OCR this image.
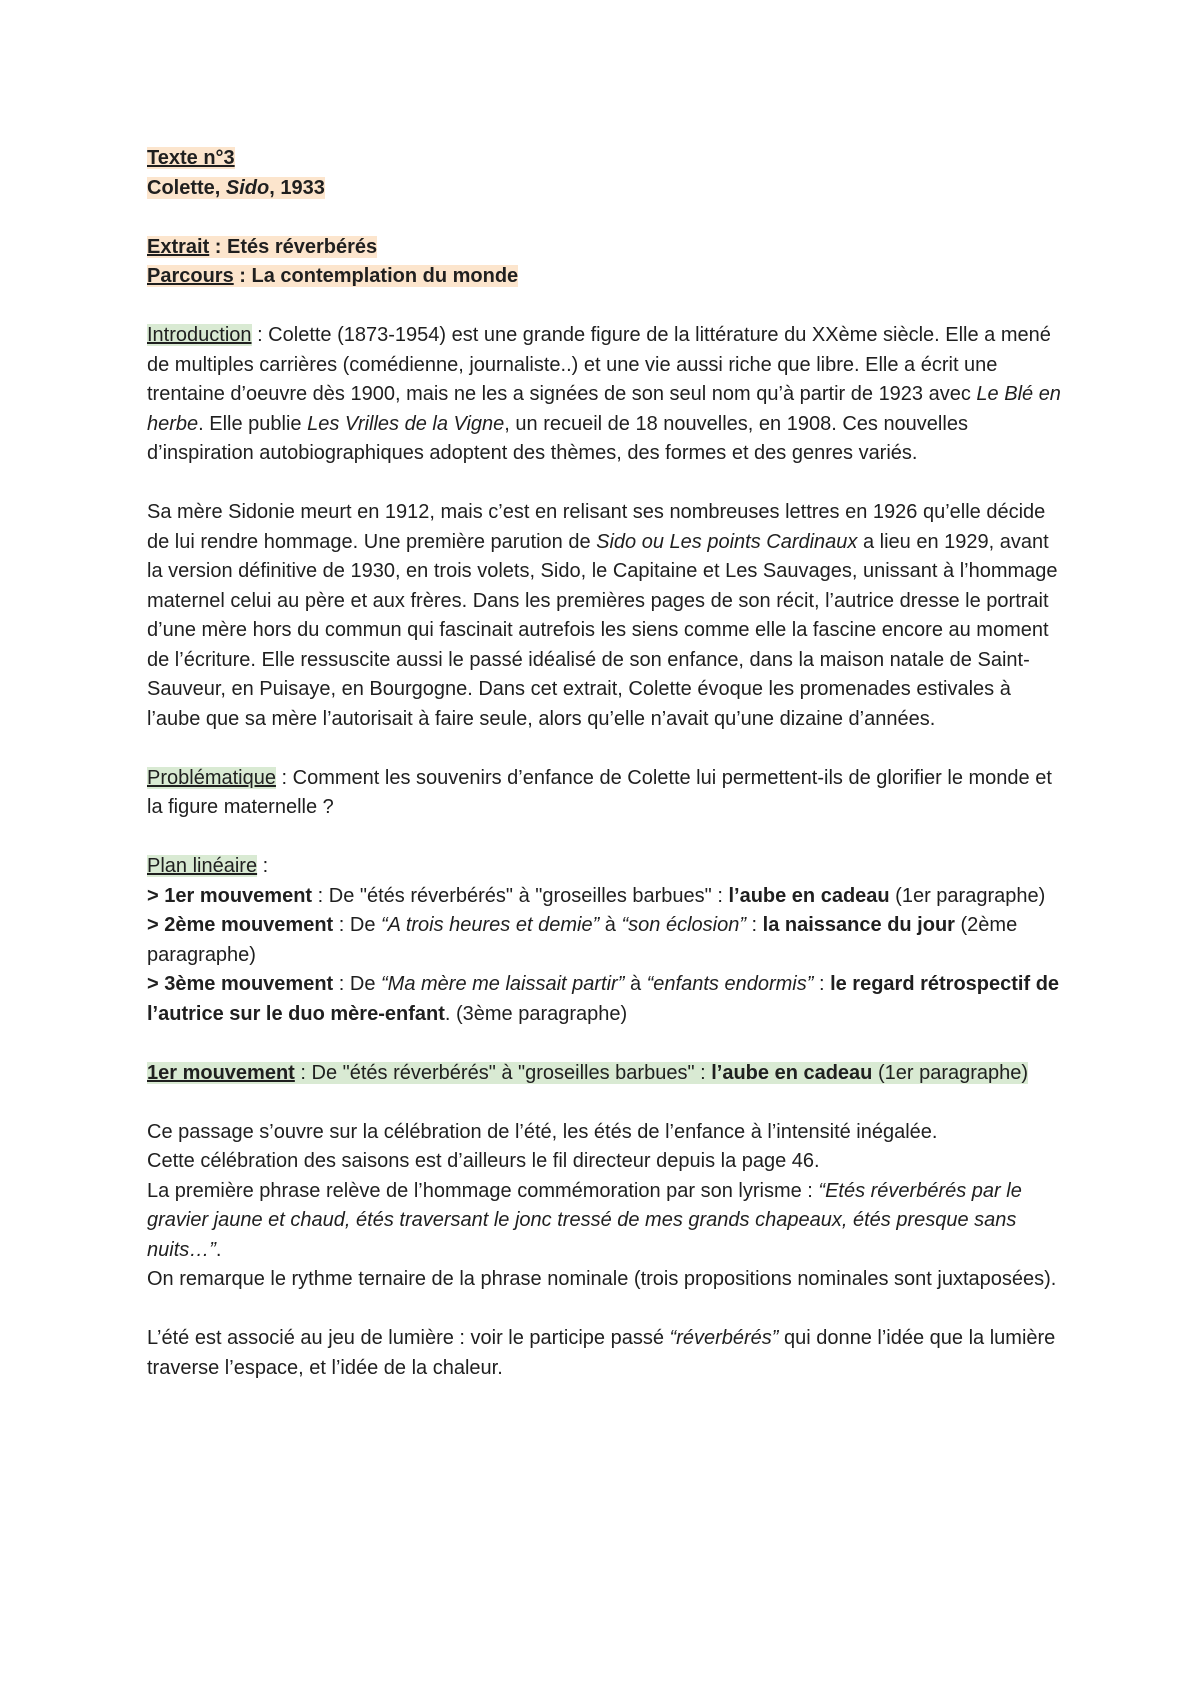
Texte n°3

Colette, Sido, 1933

Extrait : Etés réverbérés

Parcours : La contemplation du monde

Introduction : Colette (1873-1954) est une grande figure de la littérature du XXème siècle. Elle a mené de multiples carrières (comédienne, journaliste..) et une vie aussi riche que libre. Elle a écrit une trentaine d’oeuvre dès 1900, mais ne les a signées de son seul nom qu’à partir de 1923 avec Le Blé en herbe. Elle publie Les Vrilles de la Vigne, un recueil de 18 nouvelles, en 1908. Ces nouvelles d’inspiration autobiographiques adoptent des thèmes, des formes et des genres variés.

Sa mère Sidonie meurt en 1912, mais c’est en relisant ses nombreuses lettres en 1926 qu’elle décide de lui rendre hommage. Une première parution de Sido ou Les points Cardinaux a lieu en 1929, avant la version définitive de 1930, en trois volets, Sido, le Capitaine et Les Sauvages, unissant à l’hommage maternel celui au père et aux frères. Dans les premières pages de son récit, l’autrice dresse le portrait d’une mère hors du commun qui fascinait autrefois les siens comme elle la fascine encore au moment de l’écriture. Elle ressuscite aussi le passé idéalisé de son enfance, dans la maison natale de Saint-Sauveur, en Puisaye, en Bourgogne. Dans cet extrait, Colette évoque les promenades estivales à l’aube que sa mère l’autorisait à faire seule, alors qu’elle n’avait qu’une dizaine d’années.

Problématique : Comment les souvenirs d’enfance de Colette lui permettent-ils de glorifier le monde et la figure maternelle ?

Plan linéaire :

> 1er mouvement : De "étés réverbérés" à "groseilles barbues" : l’aube en cadeau (1er paragraphe)

> 2ème mouvement : De “A trois heures et demie” à “son éclosion” : la naissance du jour (2ème paragraphe)

> 3ème mouvement : De “Ma mère me laissait partir” à “enfants endormis” : le regard rétrospectif de l’autrice sur le duo mère-enfant. (3ème paragraphe)

1er mouvement : De "étés réverbérés" à "groseilles barbues" : l’aube en cadeau (1er paragraphe)

Ce passage s’ouvre sur la célébration de l’été, les étés de l’enfance à l’intensité inégalée.

Cette célébration des saisons est d’ailleurs le fil directeur depuis la page 46.

La première phrase relève de l’hommage commémoration par son lyrisme : “Etés réverbérés par le gravier jaune et chaud, étés traversant le jonc tressé de mes grands chapeaux, étés presque sans nuits…”.

On remarque le rythme ternaire de la phrase nominale (trois propositions nominales sont juxtaposées).

L’été est associé au jeu de lumière : voir le participe passé “réverbérés” qui donne l’idée que la lumière traverse l’espace, et l’idée de la chaleur.
